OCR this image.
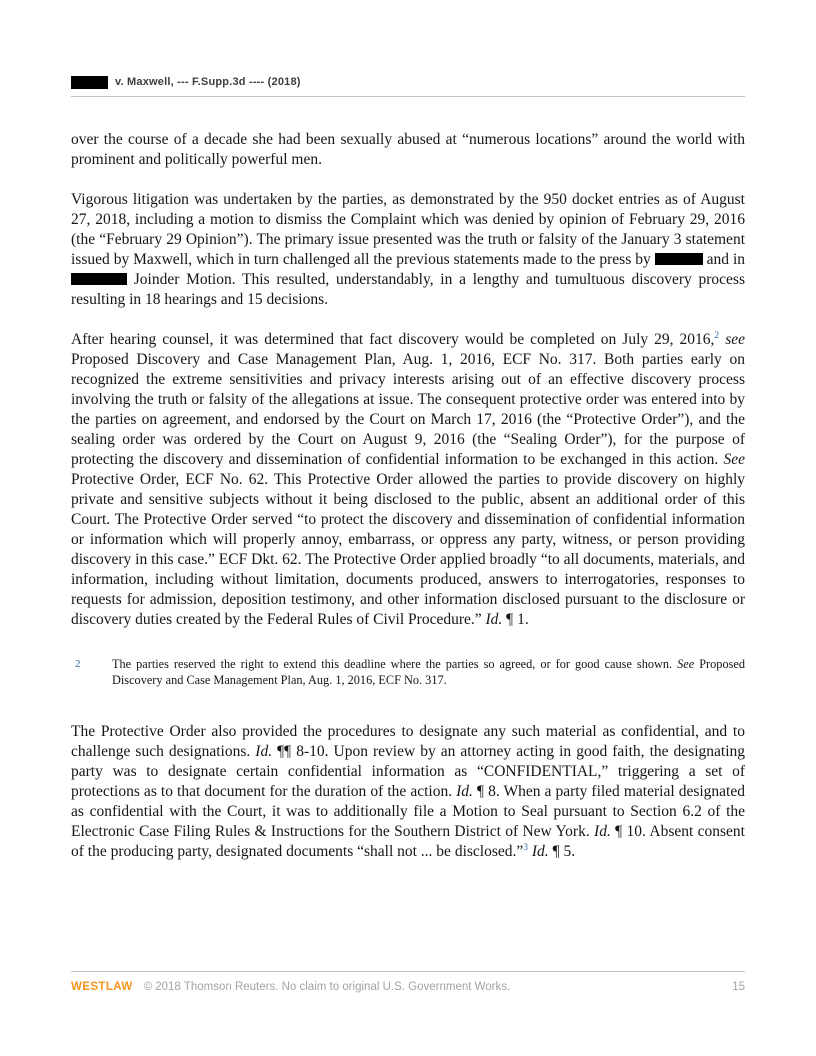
v. Maxwell, --- F.Supp.3d ---- (2018)

over the course of a decade she had been sexually abused at “numerous locations” around the world with prominent and politically powerful men.

Vigorous litigation was undertaken by the parties, as demonstrated by the 950 docket entries as of August 27, 2018, including a motion to dismiss the Complaint which was denied by opinion of February 29, 2016 (the “February 29 Opinion”). The primary issue presented was the truth or falsity of the January 3 statement issued by Maxwell, which in turn challenged all the previous statements made to the press by	and in  Joinder Motion. This resulted, understandably, in a lengthy and tumultuous discovery process resulting in 18 hearings and 15 decisions.

After hearing counsel, it was determined that fact discovery would be completed on July 29, 2016,$^2$ see Proposed Discovery and Case Management Plan, Aug. 1, 2016, ECF No. 317. Both parties early on recognized the extreme sensitivities and privacy interests arising out of an effective discovery process involving the truth or falsity of the allegations at issue. The consequent protective order was entered into by the parties on agreement, and endorsed by the Court on March 17, 2016 (the “Protective Order”), and the sealing order was ordered by the Court on August 9, 2016 (the “Sealing Order”), for the purpose of protecting the discovery and dissemination of confidential information to be exchanged in this action. See Protective Order, ECF No. 62. This Protective Order allowed the parties to provide discovery on highly private and sensitive subjects without it being disclosed to the public, absent an additional order of this Court. The Protective Order served “to protect the discovery and dissemination of confidential information or information which will properly annoy, embarrass, or oppress any party, witness, or person providing discovery in this case.” ECF Dkt. 62. The Protective Order applied broadly “to all documents, materials, and information, including without limitation, documents produced, answers to interrogatories, responses to requests for admission, deposition testimony, and other information disclosed pursuant to the disclosure or discovery duties created by the Federal Rules of Civil Procedure.” Id. ¶ 1.

2	The parties reserved the right to extend this deadline where the parties so agreed, or for good cause shown. See Proposed Discovery and Case Management Plan, Aug. 1, 2016, ECF No. 317.

The Protective Order also provided the procedures to designate any such material as confidential, and to challenge such designations. Id. ¶¶ 8-10. Upon review by an attorney acting in good faith, the designating party was to designate certain confidential information as “CONFIDENTIAL,” triggering a set of protections as to that document for the duration of the action. Id. ¶ 8. When a party filed material designated as confidential with the Court, it was to additionally file a Motion to Seal pursuant to Section 6.2 of the Electronic Case Filing Rules & Instructions for the Southern District of New York. Id. ¶ 10. Absent consent of the producing party, designated documents “shall not ... be disclosed.”$^3$ Id. ¶ 5.

WESTLAW © 2018 Thomson Reuters. No claim to original U.S. Government Works.	15
